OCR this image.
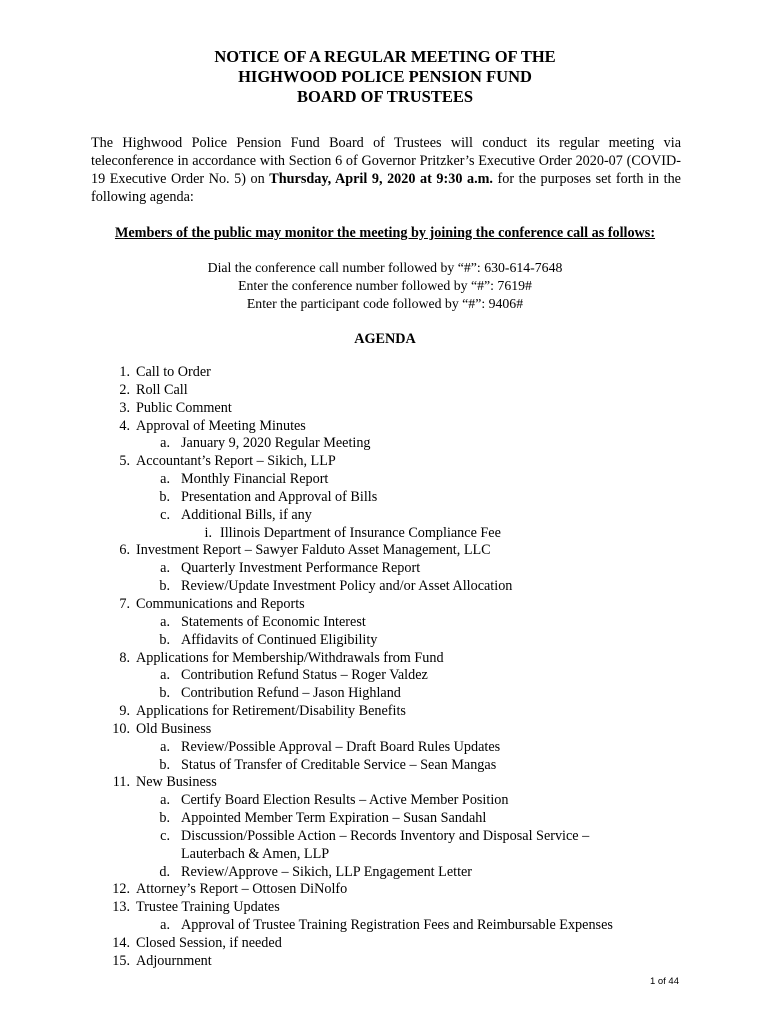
NOTICE OF A REGULAR MEETING OF THE
HIGHWOOD POLICE PENSION FUND
BOARD OF TRUSTEES
The Highwood Police Pension Fund Board of Trustees will conduct its regular meeting via teleconference in accordance with Section 6 of Governor Pritzker’s Executive Order 2020-07 (COVID-19 Executive Order No. 5) on Thursday, April 9, 2020 at 9:30 a.m. for the purposes set forth in the following agenda:
Members of the public may monitor the meeting by joining the conference call as follows:
Dial the conference call number followed by “#”: 630-614-7648
Enter the conference number followed by “#”: 7619#
Enter the participant code followed by “#”: 9406#
AGENDA
1. Call to Order
2. Roll Call
3. Public Comment
4. Approval of Meeting Minutes
a. January 9, 2020 Regular Meeting
5. Accountant’s Report – Sikich, LLP
a. Monthly Financial Report
b. Presentation and Approval of Bills
c. Additional Bills, if any
i. Illinois Department of Insurance Compliance Fee
6. Investment Report – Sawyer Falduto Asset Management, LLC
a. Quarterly Investment Performance Report
b. Review/Update Investment Policy and/or Asset Allocation
7. Communications and Reports
a. Statements of Economic Interest
b. Affidavits of Continued Eligibility
8. Applications for Membership/Withdrawals from Fund
a. Contribution Refund Status – Roger Valdez
b. Contribution Refund – Jason Highland
9. Applications for Retirement/Disability Benefits
10. Old Business
a. Review/Possible Approval – Draft Board Rules Updates
b. Status of Transfer of Creditable Service – Sean Mangas
11. New Business
a. Certify Board Election Results – Active Member Position
b. Appointed Member Term Expiration – Susan Sandahl
c. Discussion/Possible Action – Records Inventory and Disposal Service –
Lauterbach & Amen, LLP
d. Review/Approve – Sikich, LLP Engagement Letter
12. Attorney’s Report – Ottosen DiNolfo
13. Trustee Training Updates
a. Approval of Trustee Training Registration Fees and Reimbursable Expenses
14. Closed Session, if needed
15. Adjournment
1 of 44
